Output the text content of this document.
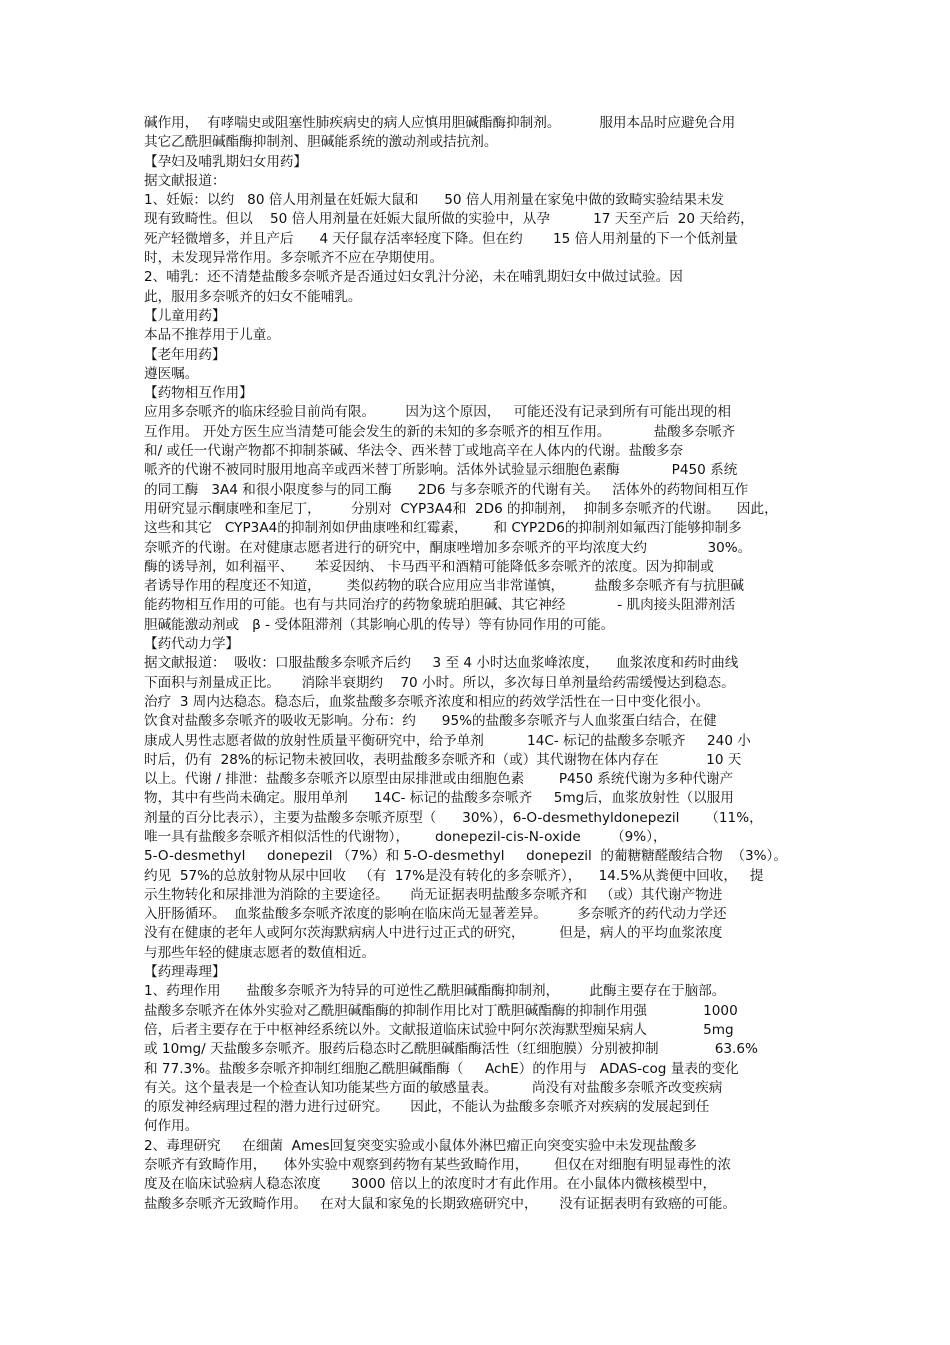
碱作用，  有哮喘史或阻塞性肺疾病史的病人应慎用胆碱酯酶抑制剂。         服用本品时应避免合用
其它乙酰胆碱酯酶抑制剂、胆碱能系统的激动剂或拮抗剂。
【孕妇及哺乳期妇女用药】
据文献报道：
1、妊娠：以约   80 倍人用剂量在妊娠大鼠和      50 倍人用剂量在家兔中做的致畸实验结果未发
现有致畸性。但以    50 倍人用剂量在妊娠大鼠所做的实验中，从孕          17 天至产后  20 天给药，
死产轻微增多，并且产后      4 天仔鼠存活率轻度下降。但在约       15 倍人用剂量的下一个低剂量
时，未发现异常作用。多奈哌齐不应在孕期使用。
2、哺乳：还不清楚盐酸多奈哌齐是否通过妇女乳汁分泌，未在哺乳期妇女中做过试验。因
此，服用多奈哌齐的妇女不能哺乳。
【儿童用药】
本品不推荐用于儿童。
【老年用药】
遵医嘱。
【药物相互作用】
应用多奈哌齐的临床经验目前尚有限。       因为这个原因，   可能还没有记录到所有可能出现的相
互作用。 开处方医生应当清楚可能会发生的新的未知的多奈哌齐的相互作用。          盐酸多奈哌齐
和/ 或任一代谢产物都不抑制茶碱、华法令、西米替丁或地高辛在人体内的代谢。盐酸多奈
哌齐的代谢不被同时服用地高辛或西米替丁所影响。活体外试验显示细胞色素酶            P450 系统
的同工酶   3A4 和很小限度参与的同工酶      2D6 与多奈哌齐的代谢有关。   活体外的药物间相互作
用研究显示酮康唑和奎尼丁，       分别对  CYP3A4和  2D6 的抑制剂，  抑制多奈哌齐的代谢。    因此，
这些和其它   CYP3A4的抑制剂如伊曲康唑和红霉素，      和 CYP2D6的抑制剂如氟西汀能够抑制多
奈哌齐的代谢。在对健康志愿者进行的研究中，酮康唑增加多奈哌齐的平均浓度大约              30%。
酶的诱导剂，如利福平、     苯妥因纳、 卡马西平和酒精可能降低多奈哌齐的浓度。因为抑制或
者诱导作用的程度还不知道，      类似药物的联合应用应当非常谨慎，       盐酸多奈哌齐有与抗胆碱
能药物相互作用的可能。也有与共同治疗的药物象琥珀胆碱、其它神经            - 肌肉接头阻滞剂活
胆碱能激动剂或   β - 受体阻滞剂（其影响心肌的传导）等有协同作用的可能。
【药代动力学】
据文献报道：  吸收：口服盐酸多奈哌齐后约     3 至 4 小时达血浆峰浓度，    血浆浓度和药时曲线
下面积与剂量成正比。     消除半衰期约    70 小时。所以，多次每日单剂量给药需缓慢达到稳态。
治疗  3 周内达稳态。稳态后，血浆盐酸多奈哌齐浓度和相应的药效学活性在一日中变化很小。
饮食对盐酸多奈哌齐的吸收无影响。分布：约      95%的盐酸多奈哌齐与人血浆蛋白结合，在健
康成人男性志愿者做的放射性质量平衡研究中，给予单剂          14C- 标记的盐酸多奈哌齐     240 小
时后，仍有  28%的标记物未被回收，表明盐酸多奈哌齐和（或）其代谢物在体内存在           10 天
以上。代谢 / 排泄：盐酸多奈哌齐以原型由尿排泄或由细胞色素        P450 系统代谢为多种代谢产
物，其中有些尚未确定。服用单剂      14C- 标记的盐酸多奈哌齐     5mg后，血浆放射性（以服用
剂量的百分比表示），主要为盐酸多奈哌齐原型（      30%），6-O-desmethyldonepezil      （11%，
唯一具有盐酸多奈哌齐相似活性的代谢物），      donepezil-cis-N-oxide       （9%），
5-O-desmethyl     donepezil （7%）和 5-O-desmethyl     donepezil  的葡糖糖醛酸结合物  （3%）。
约见  57%的总放射物从尿中回收   （有  17%是没有转化的多奈哌齐），    14.5%从粪便中回收，   提
示生物转化和尿排泄为消除的主要途径。     尚无证据表明盐酸多奈哌齐和   （或）其代谢产物进
入肝肠循环。  血浆盐酸多奈哌齐浓度的影响在临床尚无显著差异。       多奈哌齐的药代动力学还
没有在健康的老年人或阿尔茨海默病病人中进行过正式的研究，        但是，病人的平均血浆浓度
与那些年轻的健康志愿者的数值相近。
【药理毒理】
1、药理作用      盐酸多奈哌齐为特异的可逆性乙酰胆碱酯酶抑制剂，       此酶主要存在于脑部。
盐酸多奈哌齐在体外实验对乙酰胆碱酯酶的抑制作用比对丁酰胆碱酯酶的抑制作用强             1000
倍，后者主要存在于中枢神经系统以外。文献报道临床试验中阿尔茨海默型痴呆病人             5mg
或 10mg/ 天盐酸多奈哌齐。服药后稳态时乙酰胆碱酯酶活性（红细胞膜）分别被抑制             63.6%
和 77.3%。盐酸多奈哌齐抑制红细胞乙酰胆碱酯酶（     AchE）的作用与   ADAS-cog 量表的变化
有关。这个量表是一个检查认知功能某些方面的敏感量表。        尚没有对盐酸多奈哌齐改变疾病
的原发神经病理过程的潜力进行过研究。     因此，不能认为盐酸多奈哌齐对疾病的发展起到任
何作用。
2、毒理研究     在细菌  Ames回复突变实验或小鼠体外淋巴瘤正向突变实验中未发现盐酸多
奈哌齐有致畸作用，    体外实验中观察到药物有某些致畸作用，      但仅在对细胞有明显毒性的浓
度及在临床试验病人稳态浓度       3000 倍以上的浓度时才有此作用。在小鼠体内微核模型中，
盐酸多奈哌齐无致畸作用。   在对大鼠和家兔的长期致癌研究中，     没有证据表明有致癌的可能。
